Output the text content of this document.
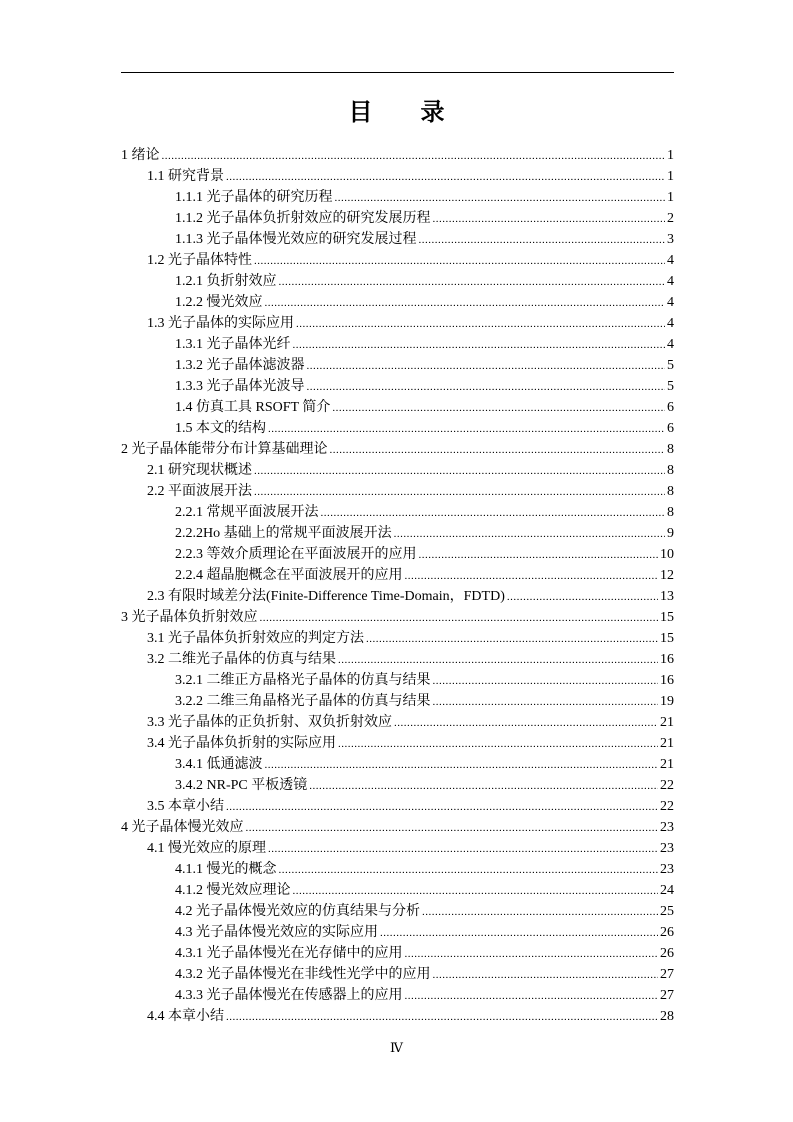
目　　录
1 绪论 .....	1
1.1 研究背景 .....	1
1.1.1 光子晶体的研究历程 .....	1
1.1.2 光子晶体负折射效应的研究发展历程 .....	2
1.1.3 光子晶体慢光效应的研究发展过程 .....	3
1.2 光子晶体特性 .....	4
1.2.1 负折射效应 .....	4
1.2.2 慢光效应 .....	4
1.3 光子晶体的实际应用 .....	4
1.3.1 光子晶体光纤 .....	4
1.3.2 光子晶体滤波器 .....	5
1.3.3 光子晶体光波导 .....	5
1.4 仿真工具 RSOFT 简介 .....	6
1.5 本文的结构 .....	6
2 光子晶体能带分布计算基础理论 .....	8
2.1 研究现状概述 .....	8
2.2 平面波展开法 .....	8
2.2.1 常规平面波展开法 .....	8
2.2.2Ho 基础上的常规平面波展开法 .....	9
2.2.3 等效介质理论在平面波展开的应用 .....	10
2.2.4 超晶胞概念在平面波展开的应用 .....	12
2.3 有限时域差分法(Finite-Difference Time-Domain，FDTD) .....	13
3 光子晶体负折射效应 .....	15
3.1 光子晶体负折射效应的判定方法 .....	15
3.2 二维光子晶体的仿真与结果 .....	16
3.2.1 二维正方晶格光子晶体的仿真与结果 .....	16
3.2.2 二维三角晶格光子晶体的仿真与结果 .....	19
3.3 光子晶体的正负折射、双负折射效应 .....	21
3.4 光子晶体负折射的实际应用 .....	21
3.4.1 低通滤波 .....	21
3.4.2 NR-PC 平板透镜 .....	22
3.5 本章小结 .....	22
4 光子晶体慢光效应 .....	23
4.1 慢光效应的原理 .....	23
4.1.1 慢光的概念 .....	23
4.1.2 慢光效应理论 .....	24
4.2 光子晶体慢光效应的仿真结果与分析 .....	25
4.3 光子晶体慢光效应的实际应用 .....	26
4.3.1 光子晶体慢光在光存储中的应用 .....	26
4.3.2 光子晶体慢光在非线性光学中的应用 .....	27
4.3.3 光子晶体慢光在传感器上的应用 .....	27
4.4 本章小结 .....	28
Ⅳ
